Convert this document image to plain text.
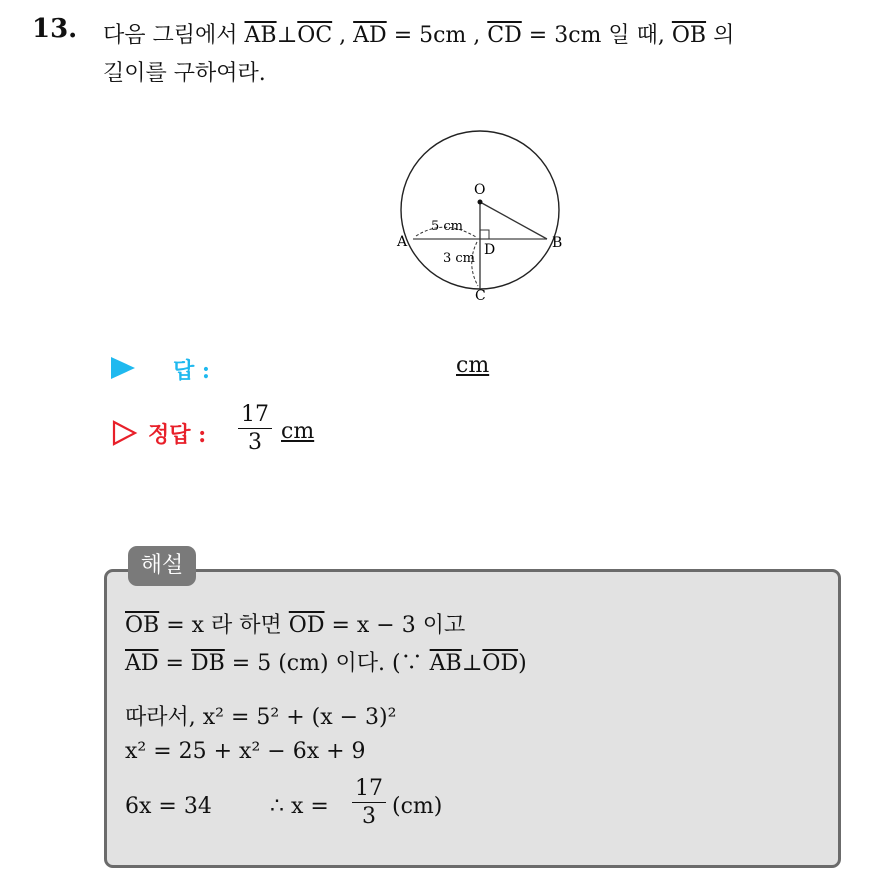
13. 다음 그림에서 $\overline{AB}\perp\overline{OC}$ , $\overline{AD} = 5cm$ , $\overline{CD} = 3cm$ 일 때, $\overline{OB}$ 의
길이를 구하여라.
O
A	B
C
D
5 cm
3 cm
답 :	cm
정답 : $\frac{17}{3}$ cm
해설
$\overline{OB} = x$ 라 하면 $\overline{OD} = x - 3$ 이고
$\overline{AD} = \overline{DB} = 5$ (cm) 이다. (∵ $\overline{AB}\perp\overline{OD}$)
따라서, x² = 5² + (x − 3)²
x² = 25 + x² − 6x + 9
6x = 34	∴ $x = \frac{17}{3} (cm)$
